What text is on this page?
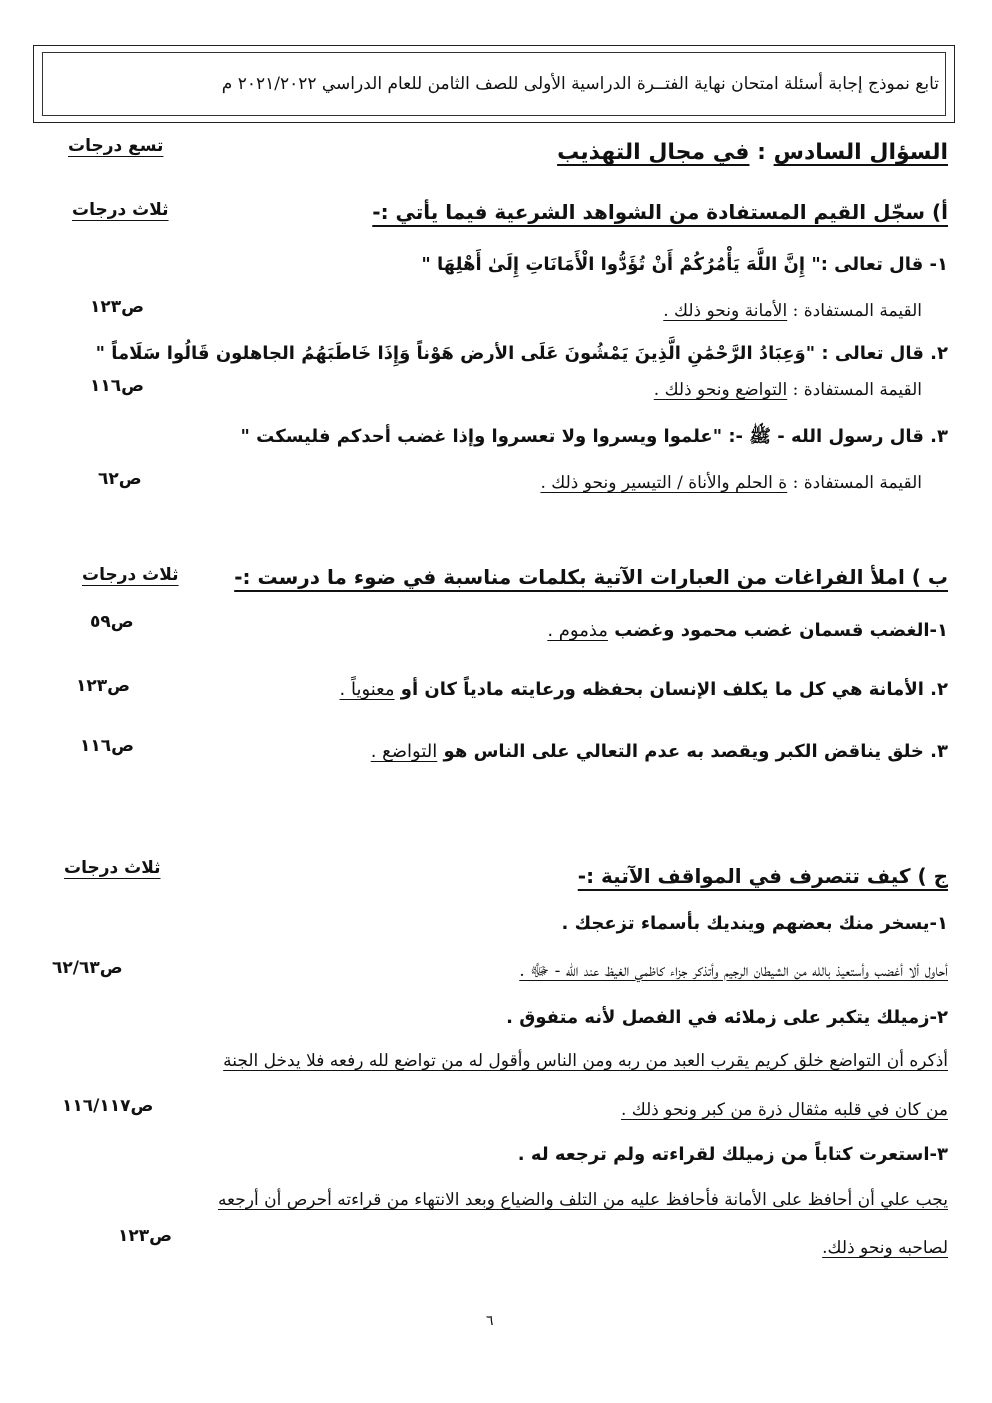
تابع نموذج إجابة أسئلة امتحان نهاية الفتــرة الدراسية الأولى للصف الثامن للعام الدراسي ٢٠٢١/٢٠٢٢ م
السؤال السادس : في مجال التهذيب
تسع درجات
أ) سجّل القيم المستفادة من الشواهد الشرعية فيما يأتي :-
ثلاث درجات
١- قال تعالى :" إِنَّ اللَّهَ يَأْمُرُكُمْ أَنْ تُؤَدُّوا الْأَمَانَاتِ إِلَىٰ أَهْلِهَا "
ص١٢٣	القيمة المستفادة : الأمانة ونحو ذلك .
٢. قال تعالى : "وَعِبَادُ الرَّحْمَٰنِ الَّذِينَ يَمْشُونَ عَلَى الأرض هَوْناً وَإِذَا خَاطَبَهُمُ الجاهلون قَالُوا سَلَاماً "
ص١١٦	القيمة المستفادة : التواضع ونحو ذلك .
٣. قال رسول الله - ﷺ -: "علموا ويسروا ولا تعسروا وإذا غضب أحدكم فليسكت "
ص٦٢	القيمة المستفادة : ة الحلم والأناة / التيسير ونحو ذلك .
ب ) املأ الفراغات من العبارات الآتية بكلمات مناسبة في ضوء ما درست :-
ثلاث درجات
١-الغضب قسمان غضب محمود وغضب مذموم .
ص٥٩
٢. الأمانة هي كل ما يكلف الإنسان بحفظه ورعايته مادياً كان أو معنوياً .
ص١٢٣
٣. خلق يناقض الكبر ويقصد به عدم التعالي على الناس هو التواضع .
ص١١٦
ج ) كيف تتصرف في المواقف الآتية :-
ثلاث درجات
١-يسخر منك بعضهم وينديك بأسماء تزعجك .
أحاول ألا أغضب وأستعيذ بالله من الشيطان الرجيم وأتذكر جزاء كاظمي الغيظ عند الله - ﷻ .
ص٦٢/٦٣
٢-زميلك يتكبر على زملائه في الفصل لأنه متفوق .
أذكره أن التواضع خلق كريم يقرب العبد من ربه ومن الناس وأقول له من تواضع لله رفعه فلا يدخل الجنة
من كان في قلبه مثقال ذرة من كبر ونحو ذلك .
ص١١٦/١١٧
٣-استعرت كتاباً من زميلك لقراءته ولم ترجعه له .
يجب علي أن أحافظ على الأمانة فأحافظ عليه من التلف والضياع وبعد الانتهاء من قراءته أحرص أن أرجعه
لصاحبه ونحو ذلك.
ص١٢٣
٦
